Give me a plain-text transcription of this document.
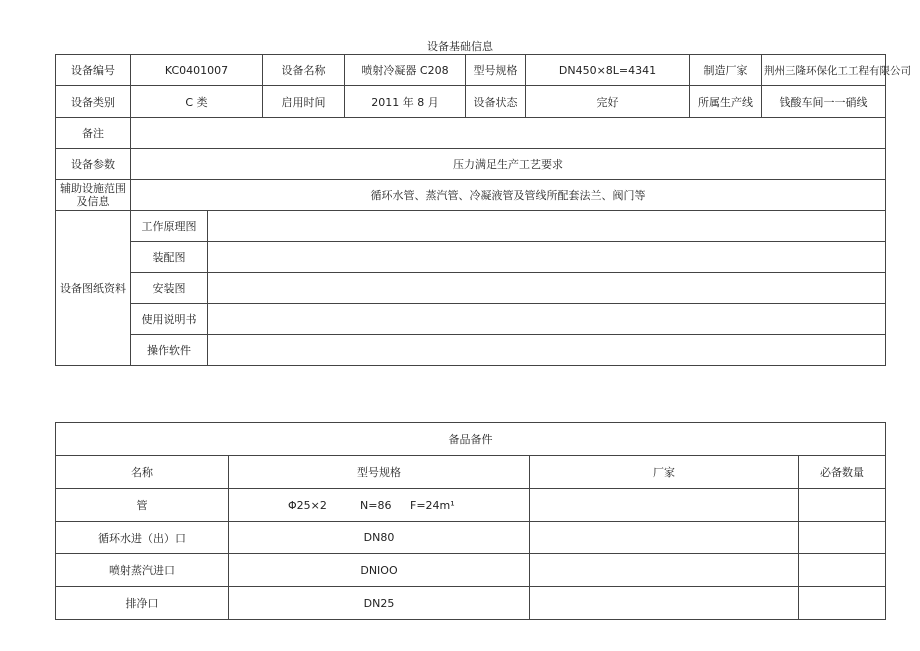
设备基础信息
设备编号	KC0401007		设备名称	喷射冷凝器 C208	型号规格	DN450×8L=4341	制造厂家	荆州三隆环保化工工程有限公司
设备类别	C 类		启用时间	2011 年 8 月	设备状态	完好	所属生产线	钱酸车间一一硝线
备注								
设备参数	压力满足生产工艺要求							
辅助设施范围
及信息	循环水管、蒸汽管、冷凝液管及管线所配套法兰、阀门等							
设备图纸资料	工作原理图							
	装配图							
	安装图							
	使用说明书							
	操作软件							
备品备件			
名称	型号规格	厂家	必备数量
管	Φ25×2 N=86 F=24m¹		
循环水进（出）口	DN80		
喷射蒸汽进口	DNIOO		
排净口	DN25		
